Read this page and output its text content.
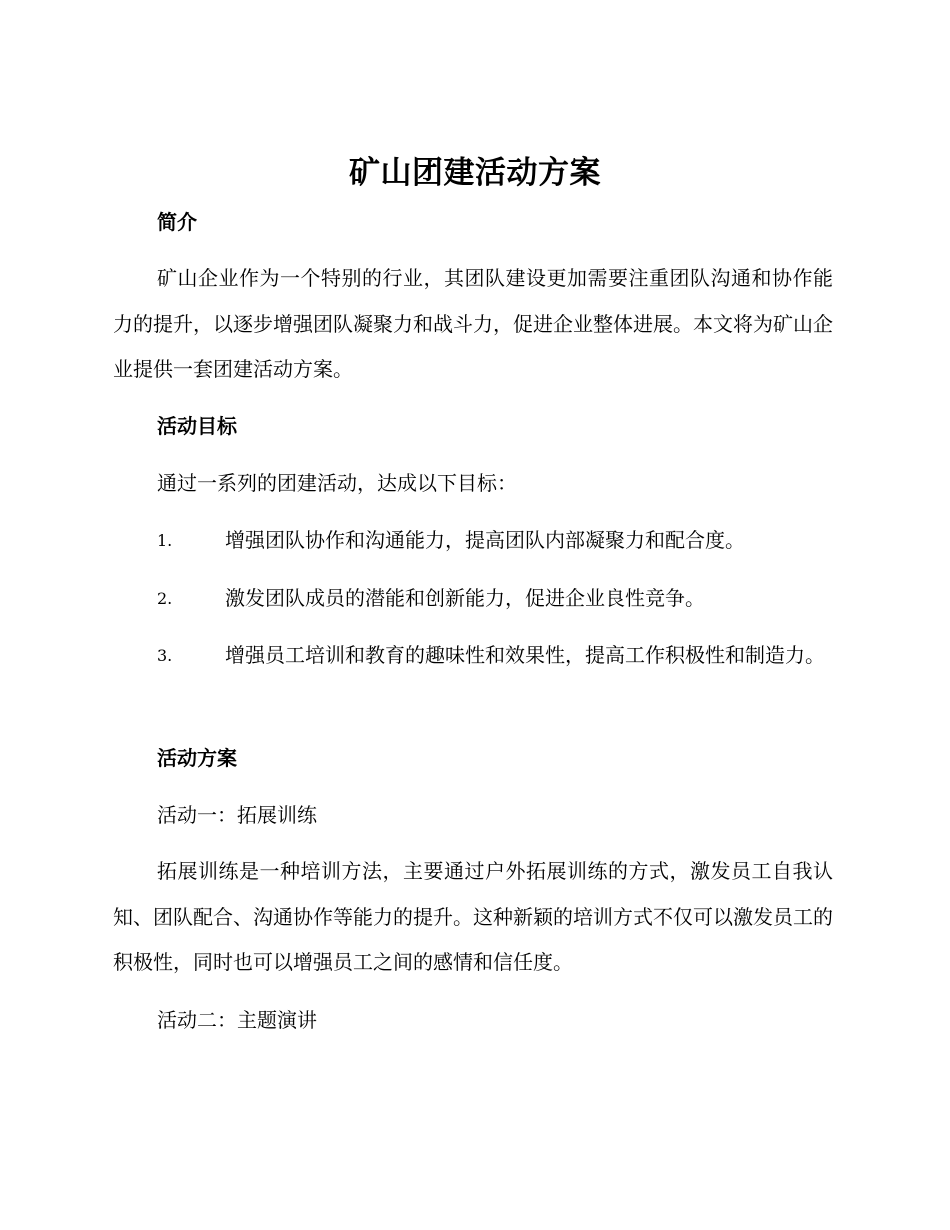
矿山团建活动方案
简介
矿山企业作为一个特别的行业，其团队建设更加需要注重团队沟通和协作能力的提升，以逐步增强团队凝聚力和战斗力，促进企业整体进展。本文将为矿山企业提供一套团建活动方案。
活动目标
通过一系列的团建活动，达成以下目标：
1.	增强团队协作和沟通能力，提高团队内部凝聚力和配合度。
2.	激发团队成员的潜能和创新能力，促进企业良性竞争。
3.	增强员工培训和教育的趣味性和效果性，提高工作积极性和制造力。
活动方案
活动一：拓展训练
拓展训练是一种培训方法，主要通过户外拓展训练的方式，激发员工自我认知、团队配合、沟通协作等能力的提升。这种新颖的培训方式不仅可以激发员工的积极性，同时也可以增强员工之间的感情和信任度。
活动二：主题演讲
